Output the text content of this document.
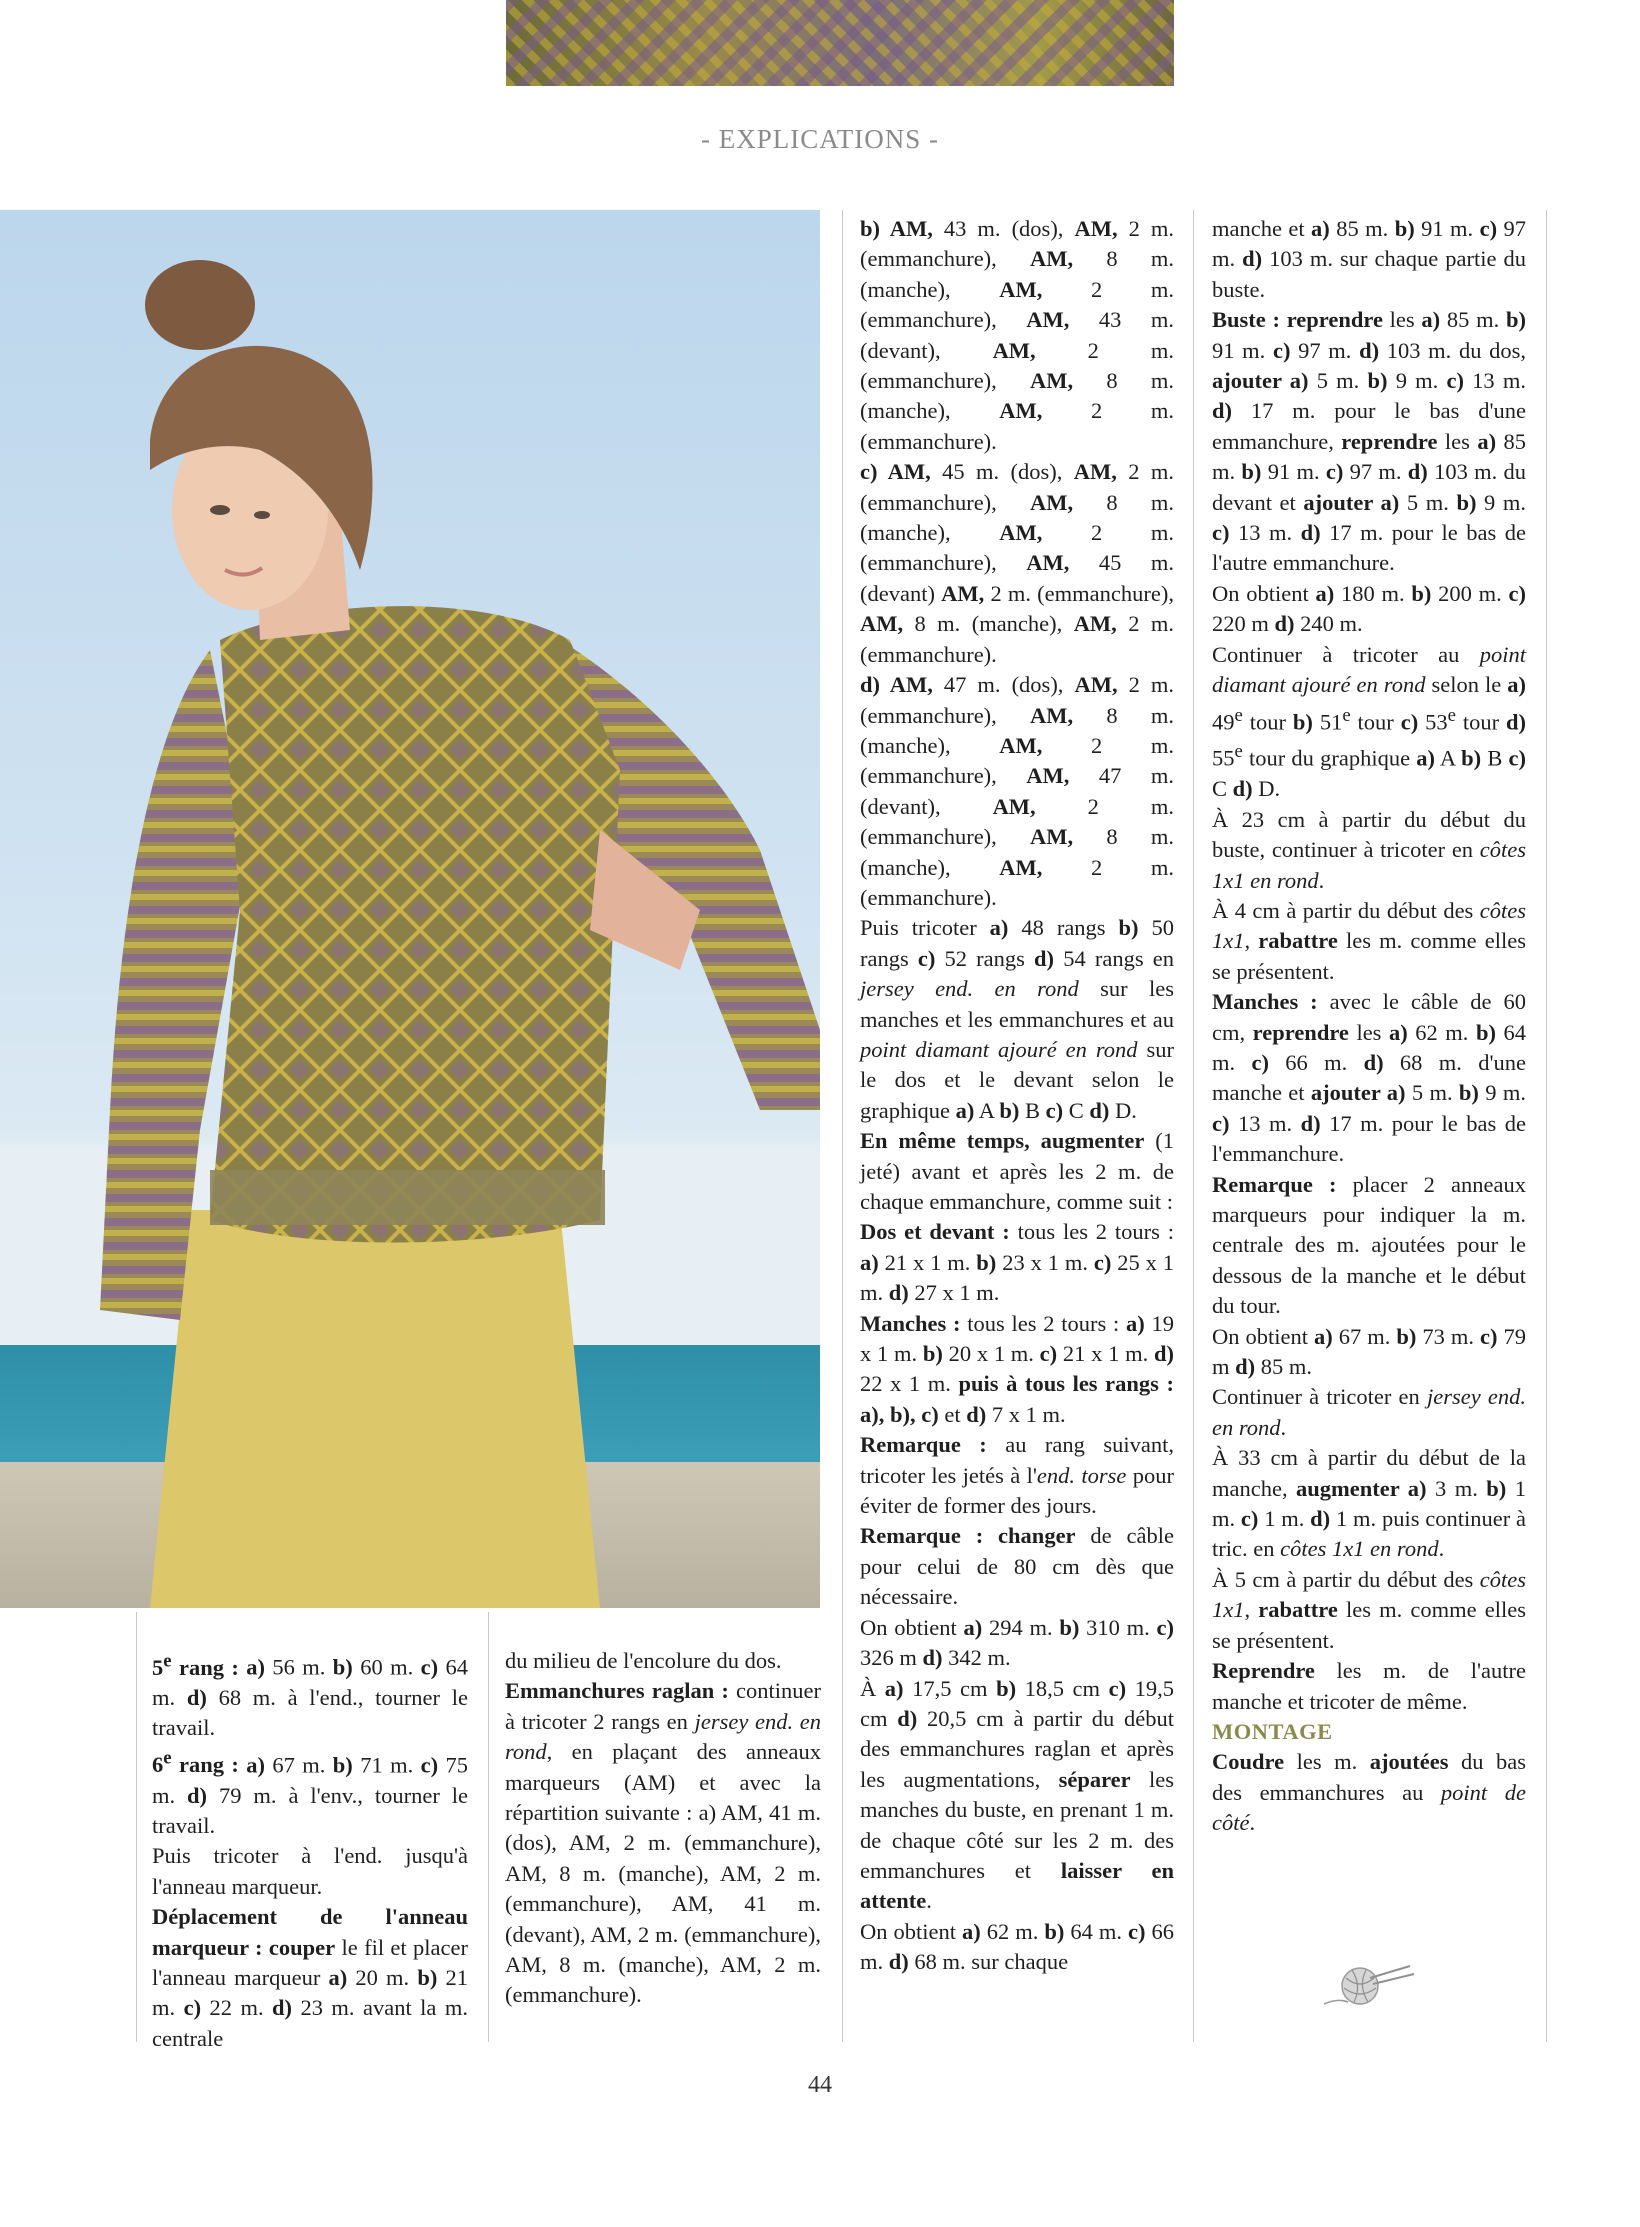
- EXPLICATIONS -

5e rang : a) 56 m. b) 60 m. c) 64 m. d) 68 m. à l'end., tourner le travail.

6e rang : a) 67 m. b) 71 m. c) 75 m. d) 79 m. à l'env., tourner le travail.

Puis tricoter à l'end. jusqu'à l'anneau marqueur.

Déplacement de l'anneau marqueur : couper le fil et placer l'anneau marqueur a) 20 m. b) 21 m. c) 22 m. d) 23 m. avant la m. centrale

du milieu de l'encolure du dos.

Emmanchures raglan : continuer à tricoter 2 rangs en jersey end. en rond, en plaçant des anneaux marqueurs (AM) et avec la répartition suivante : a) AM, 41 m. (dos), AM, 2 m. (emmanchure), AM, 8 m. (manche), AM, 2 m. (emmanchure), AM, 41 m. (devant), AM, 2 m. (emmanchure), AM, 8 m. (manche), AM, 2 m. (emmanchure).

b) AM, 43 m. (dos), AM, 2 m. (emmanchure), AM, 8 m. (manche), AM, 2 m. (emmanchure), AM, 43 m. (devant), AM, 2 m. (emmanchure), AM, 8 m. (manche), AM, 2 m. (emmanchure).

c) AM, 45 m. (dos), AM, 2 m. (emmanchure), AM, 8 m. (manche), AM, 2 m. (emmanchure), AM, 45 m. (devant) AM, 2 m. (emmanchure), AM, 8 m. (manche), AM, 2 m. (emmanchure).

d) AM, 47 m. (dos), AM, 2 m. (emmanchure), AM, 8 m. (manche), AM, 2 m. (emmanchure), AM, 47 m. (devant), AM, 2 m. (emmanchure), AM, 8 m. (manche), AM, 2 m. (emmanchure).

Puis tricoter a) 48 rangs b) 50 rangs c) 52 rangs d) 54 rangs en jersey end. en rond sur les manches et les emmanchures et au point diamant ajouré en rond sur le dos et le devant selon le graphique a) A b) B c) C d) D.

En même temps, augmenter (1 jeté) avant et après les 2 m. de chaque emmanchure, comme suit :

Dos et devant : tous les 2 tours : a) 21 x 1 m. b) 23 x 1 m. c) 25 x 1 m. d) 27 x 1 m.

Manches : tous les 2 tours : a) 19 x 1 m. b) 20 x 1 m. c) 21 x 1 m. d) 22 x 1 m. puis à tous les rangs : a), b), c) et d) 7 x 1 m.

Remarque : au rang suivant, tricoter les jetés à l'end. torse pour éviter de former des jours.

Remarque : changer de câble pour celui de 80 cm dès que nécessaire.

On obtient a) 294 m. b) 310 m. c) 326 m d) 342 m.

À a) 17,5 cm b) 18,5 cm c) 19,5 cm d) 20,5 cm à partir du début des emmanchures raglan et après les augmentations, séparer les manches du buste, en prenant 1 m. de chaque côté sur les 2 m. des emmanchures et laisser en attente.

On obtient a) 62 m. b) 64 m. c) 66 m. d) 68 m. sur chaque

manche et a) 85 m. b) 91 m. c) 97 m. d) 103 m. sur chaque partie du buste.

Buste : reprendre les a) 85 m. b) 91 m. c) 97 m. d) 103 m. du dos, ajouter a) 5 m. b) 9 m. c) 13 m. d) 17 m. pour le bas d'une emmanchure, reprendre les a) 85 m. b) 91 m. c) 97 m. d) 103 m. du devant et ajouter a) 5 m. b) 9 m. c) 13 m. d) 17 m. pour le bas de l'autre emmanchure.

On obtient a) 180 m. b) 200 m. c) 220 m d) 240 m.

Continuer à tricoter au point diamant ajouré en rond selon le a) 49e tour b) 51e tour c) 53e tour d) 55e tour du graphique a) A b) B c) C d) D.

À 23 cm à partir du début du buste, continuer à tricoter en côtes 1x1 en rond.

À 4 cm à partir du début des côtes 1x1, rabattre les m. comme elles se présentent.

Manches : avec le câble de 60 cm, reprendre les a) 62 m. b) 64 m. c) 66 m. d) 68 m. d'une manche et ajouter a) 5 m. b) 9 m. c) 13 m. d) 17 m. pour le bas de l'emmanchure.

Remarque : placer 2 anneaux marqueurs pour indiquer la m. centrale des m. ajoutées pour le dessous de la manche et le début du tour.

On obtient a) 67 m. b) 73 m. c) 79 m d) 85 m.

Continuer à tricoter en jersey end. en rond.

À 33 cm à partir du début de la manche, augmenter a) 3 m. b) 1 m. c) 1 m. d) 1 m. puis continuer à tric. en côtes 1x1 en rond.

À 5 cm à partir du début des côtes 1x1, rabattre les m. comme elles se présentent.

Reprendre les m. de l'autre manche et tricoter de même.

MONTAGE

Coudre les m. ajoutées du bas des emmanchures au point de côté.

44
